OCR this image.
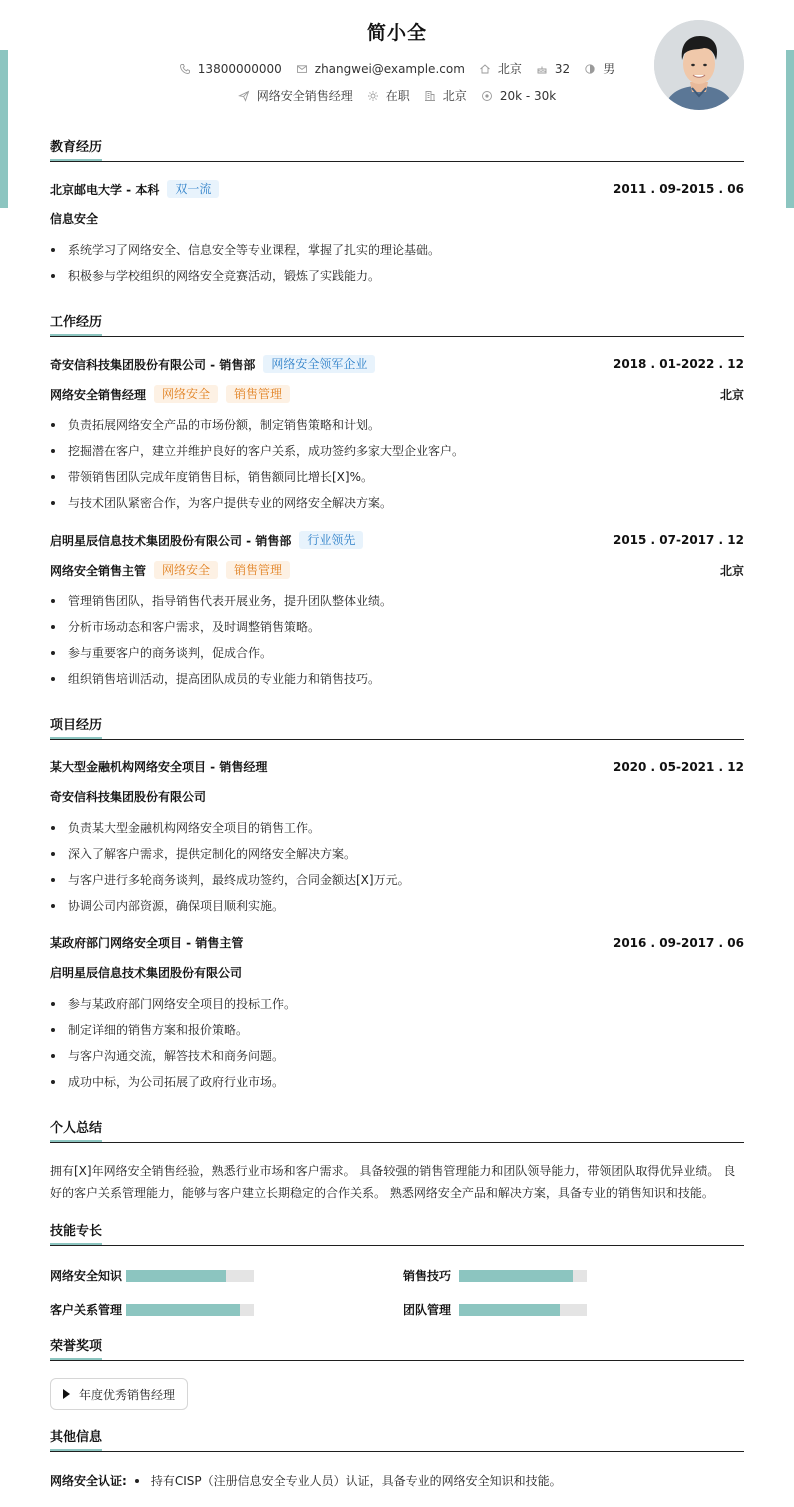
简小全
13800000000	zhangwei@example.com	北京	32	男
网络安全销售经理	在职	北京	20k - 30k
教育经历
北京邮电大学 - 本科	双一流	2011 . 09-2015 . 06
信息安全
系统学习了网络安全、信息安全等专业课程，掌握了扎实的理论基础。
积极参与学校组织的网络安全竞赛活动，锻炼了实践能力。
工作经历
奇安信科技集团股份有限公司 - 销售部	网络安全领军企业	2018 . 01-2022 . 12
网络安全销售经理	网络安全	销售管理	北京
负责拓展网络安全产品的市场份额，制定销售策略和计划。
挖掘潜在客户，建立并维护良好的客户关系，成功签约多家大型企业客户。
带领销售团队完成年度销售目标，销售额同比增长[X]%。
与技术团队紧密合作，为客户提供专业的网络安全解决方案。
启明星辰信息技术集团股份有限公司 - 销售部	行业领先	2015 . 07-2017 . 12
网络安全销售主管	网络安全	销售管理	北京
管理销售团队，指导销售代表开展业务，提升团队整体业绩。
分析市场动态和客户需求，及时调整销售策略。
参与重要客户的商务谈判，促成合作。
组织销售培训活动，提高团队成员的专业能力和销售技巧。
项目经历
某大型金融机构网络安全项目 - 销售经理	2020 . 05-2021 . 12
奇安信科技集团股份有限公司
负责某大型金融机构网络安全项目的销售工作。
深入了解客户需求，提供定制化的网络安全解决方案。
与客户进行多轮商务谈判，最终成功签约，合同金额达[X]万元。
协调公司内部资源，确保项目顺利实施。
某政府部门网络安全项目 - 销售主管	2016 . 09-2017 . 06
启明星辰信息技术集团股份有限公司
参与某政府部门网络安全项目的投标工作。
制定详细的销售方案和报价策略。
与客户沟通交流，解答技术和商务问题。
成功中标，为公司拓展了政府行业市场。
个人总结
拥有[X]年网络安全销售经验，熟悉行业市场和客户需求。 具备较强的销售管理能力和团队领导能力，带领团队取得优异业绩。 良好的客户关系管理能力，能够与客户建立长期稳定的合作关系。 熟悉网络安全产品和解决方案，具备专业的销售知识和技能。
技能专长
网络安全知识	销售技巧
客户关系管理	团队管理
荣誉奖项
年度优秀销售经理
其他信息
网络安全认证: 持有CISP（注册信息安全专业人员）认证，具备专业的网络安全知识和技能。
